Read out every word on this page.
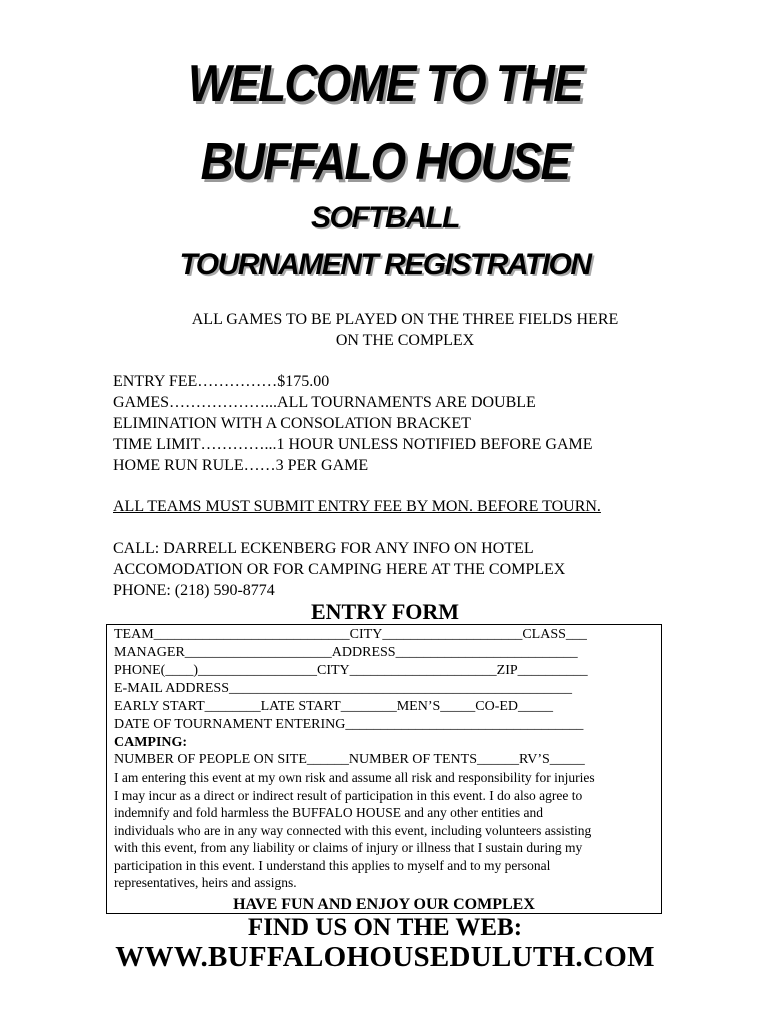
WELCOME TO THE
BUFFALO HOUSE
SOFTBALL
TOURNAMENT REGISTRATION
ALL GAMES TO BE PLAYED ON THE THREE FIELDS HERE
ON THE COMPLEX
ENTRY FEE……………$175.00
GAMES………………...ALL TOURNAMENTS ARE DOUBLE
ELIMINATION WITH A CONSOLATION BRACKET
TIME LIMIT…………...1 HOUR UNLESS NOTIFIED BEFORE GAME
HOME RUN RULE……3 PER GAME
ALL TEAMS MUST SUBMIT ENTRY FEE BY MON. BEFORE TOURN.
CALL: DARRELL ECKENBERG FOR ANY INFO ON HOTEL
ACCOMODATION OR FOR CAMPING HERE AT THE COMPLEX
PHONE: (218) 590-8774
ENTRY FORM
TEAM____________________________CITY____________________CLASS___
MANAGER_____________________ADDRESS__________________________
PHONE(____)_________________CITY_____________________ZIP__________
E-MAIL ADDRESS_________________________________________________
EARLY START________LATE START________MEN’S_____CO-ED_____
DATE OF TOURNAMENT ENTERING__________________________________
CAMPING:
NUMBER OF PEOPLE ON SITE______NUMBER OF TENTS______RV’S_____
I am entering this event at my own risk and assume all risk and responsibility for injuries
I may incur as a direct or indirect result of participation in this event. I do also agree to
indemnify and fold harmless the BUFFALO HOUSE and any other entities and
individuals who are in any way connected with this event, including volunteers assisting
with this event, from any liability or claims of injury or illness that I sustain during my
participation in this event. I understand this applies to myself and to my personal
representatives, heirs and assigns.
HAVE FUN AND ENJOY OUR COMPLEX
FIND US ON THE WEB:
WWW.BUFFALOHOUSEDULUTH.COM
